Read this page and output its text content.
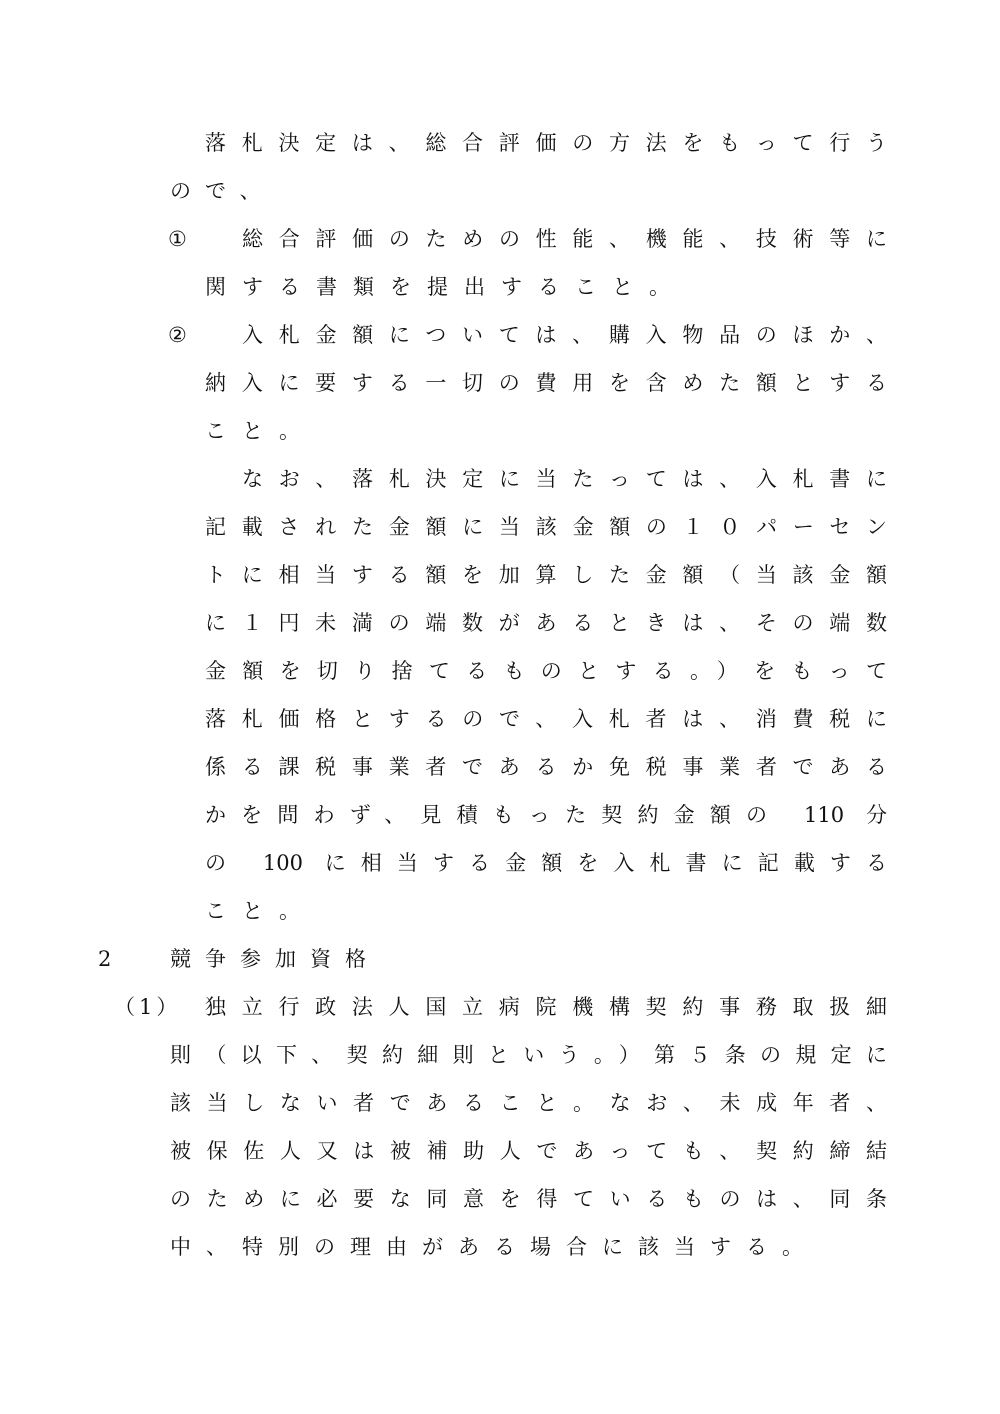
落札決定は、総合評価の方法をもって行う
ので、
①	総合評価のための性能、機能、技術等に
関する書類を提出すること。
②	入札金額については、購入物品のほか、
納入に要する一切の費用を含めた額とする
こと。
なお、落札決定に当たっては、入札書に
記載された金額に当該金額の１０パーセン
トに相当する額を加算した金額（当該金額
に１円未満の端数があるときは、その端数
金額を切り捨てるものとする。）をもって
落札価格とするので、入札者は、消費税に
係る課税事業者であるか免税事業者である
かを問わず、見積もった契約金額の 110 分
の 100 に相当する金額を入札書に記載する
こと。
2	競争参加資格
（1） 独立行政法人国立病院機構契約事務取扱細
則（以下、契約細則という。）第５条の規定に
該当しない者であること。なお、未成年者、
被保佐人又は被補助人であっても、契約締結
のために必要な同意を得ているものは、同条
中、特別の理由がある場合に該当する。
